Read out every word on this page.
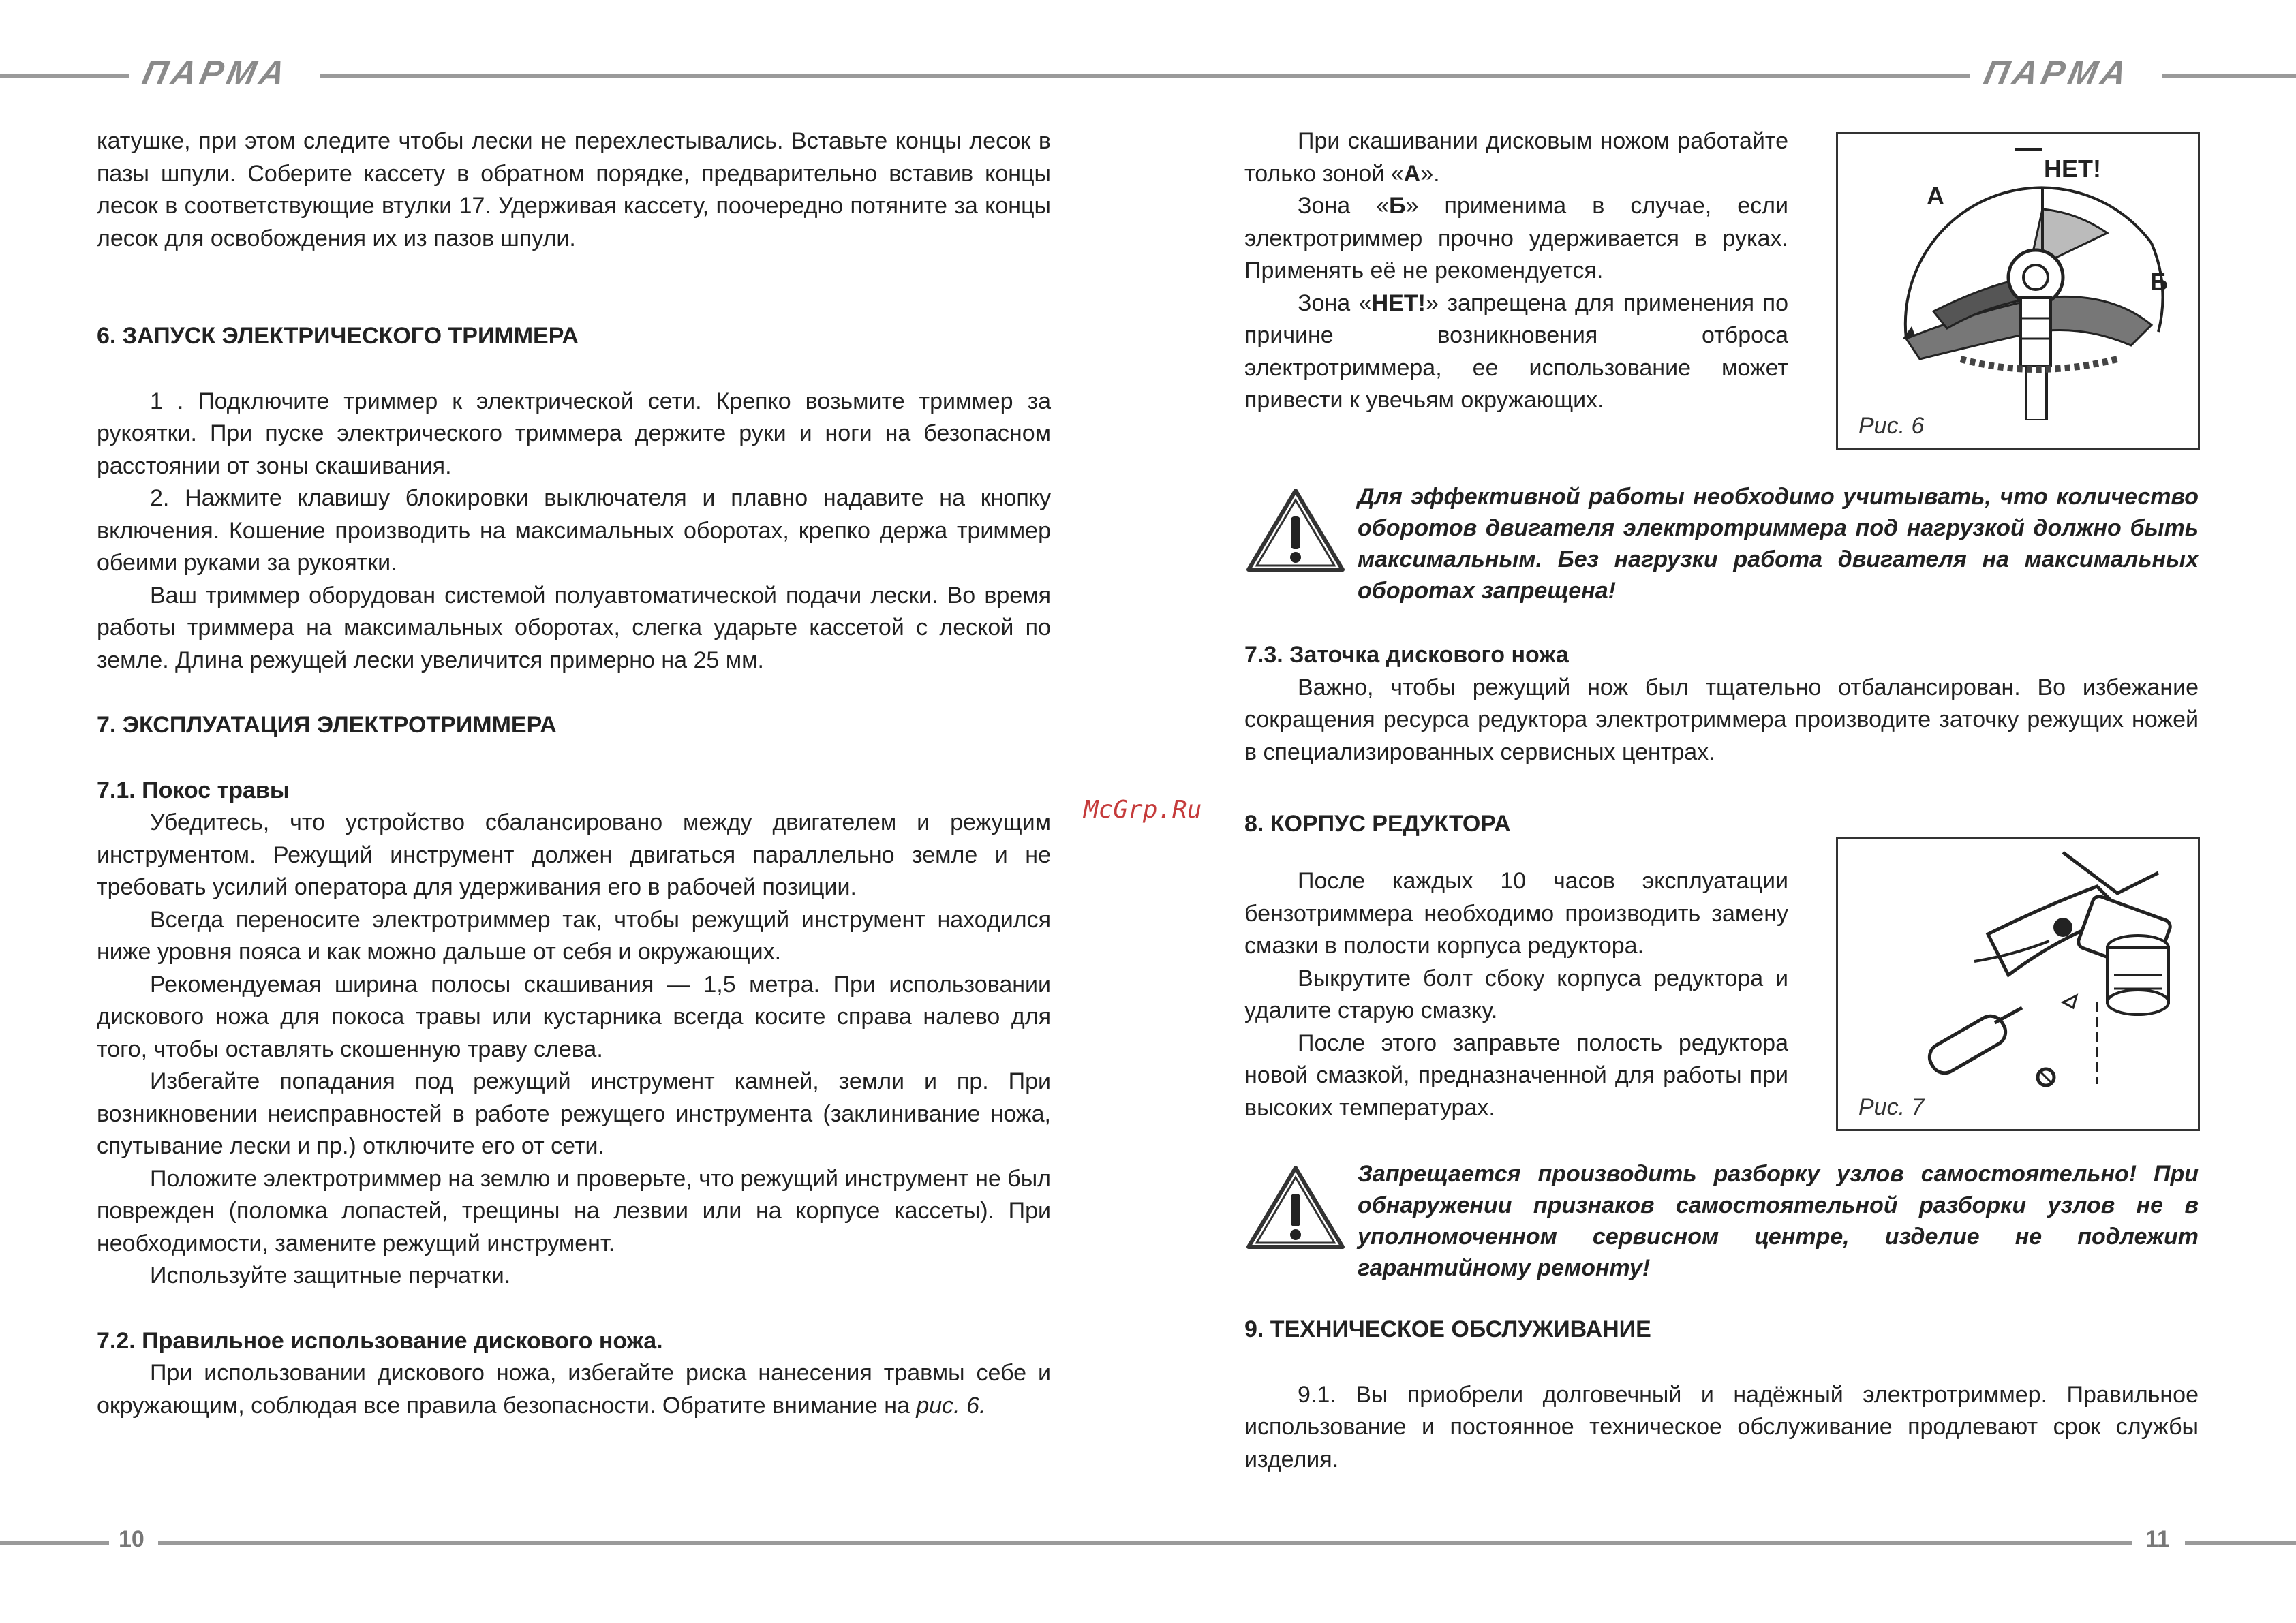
ПАРМА	ПАРМА
10	11
McGrp.Ru

катушке, при этом следите чтобы лески не перехлестывались. Вставьте концы лесок в пазы шпули. Соберите кассету в обратном порядке, предварительно вставив концы лесок в соответствующие втулки 17. Удерживая кассету, поочередно потяните за концы лесок для освобождения их из пазов шпули.

6. ЗАПУСК ЭЛЕКТРИЧЕСКОГО ТРИММЕРА

1 . Подключите триммер к электрической сети. Крепко возьмите триммер за рукоятки. При пуске электрического триммера держите руки и ноги на безопасном расстоянии от зоны скашивания.

2. Нажмите клавишу блокировки выключателя и плавно надавите на кнопку включения. Кошение производить на максимальных оборотах, крепко держа триммер обеими руками за рукоятки.

Ваш триммер оборудован системой полуавтоматической подачи лески. Во время работы триммера на максимальных оборотах, слегка ударьте кассетой с леской по земле. Длина режущей лески увеличится примерно на 25 мм.

7. ЭКСПЛУАТАЦИЯ ЭЛЕКТРОТРИММЕРА

7.1. Покос травы

Убедитесь, что устройство сбалансировано между двигателем и режущим инструментом. Режущий инструмент должен двигаться параллельно земле и не требовать усилий оператора для удерживания его в рабочей позиции.

Всегда переносите электротриммер так, чтобы режущий инструмент находился ниже уровня пояса и как можно дальше от себя и окружающих.

Рекомендуемая ширина полосы скашивания — 1,5 метра. При использовании дискового ножа для покоса травы или кустарника всегда косите справа налево для того, чтобы оставлять скошенную траву слева.

Избегайте попадания под режущий инструмент камней, земли и пр. При возникновении неисправностей в работе режущего инструмента (заклинивание ножа, спутывание лески и пр.) отключите его от сети.

Положите электротриммер на землю и проверьте, что режущий инструмент не был поврежден (поломка лопастей, трещины на лезвии или на корпусе кассеты). При необходимости, замените режущий инструмент.

Используйте защитные перчатки.

7.2. Правильное использование дискового ножа.

При использовании дискового ножа, избегайте риска нанесения травмы себе и окружающим, соблюдая все правила безопасности. Обратите внимание на рис. 6.

При скашивании дисковым ножом работайте только зоной «А».

Зона «Б» применима в случае, если электротриммер прочно удерживается в руках. Применять её не рекомендуется.

Зона «НЕТ!» запрещена для применения по причине возникновения отброса электротриммера, ее использование может привести к увечьям окружающих.

А
Б
НЕТ!
Рис. 6
Для эффективной работы необходимо учитывать, что количество оборотов двигателя электротриммера под нагрузкой должно быть максимальным. Без нагрузки работа двигателя на максимальных оборотах запрещена!

7.3. Заточка дискового ножа

Важно, чтобы режущий нож был тщательно отбалансирован. Во избежание сокращения ресурса редуктора электротриммера производите заточку режущих ножей в специализированных сервисных центрах.

8. КОРПУС РЕДУКТОРА

После каждых 10 часов эксплуатации бензотриммера необходимо производить замену смазки в полости корпуса редуктора.

Выкрутите болт сбоку корпуса редуктора и удалите старую смазку.

После этого заправьте полость редуктора новой смазкой, предназначенной для работы при высоких температурах.	Рис. 7
Запрещается производить разборку узлов самостоятельно! При обнаружении признаков самостоятельной разборки узлов не в уполномоченном сервисном центре, изделие не подлежит гарантийному ремонту!

9. ТЕХНИЧЕСКОЕ ОБСЛУЖИВАНИЕ

9.1. Вы приобрели долговечный и надёжный электротриммер. Правильное использование и постоянное техническое обслуживание продлевают срок службы изделия.
